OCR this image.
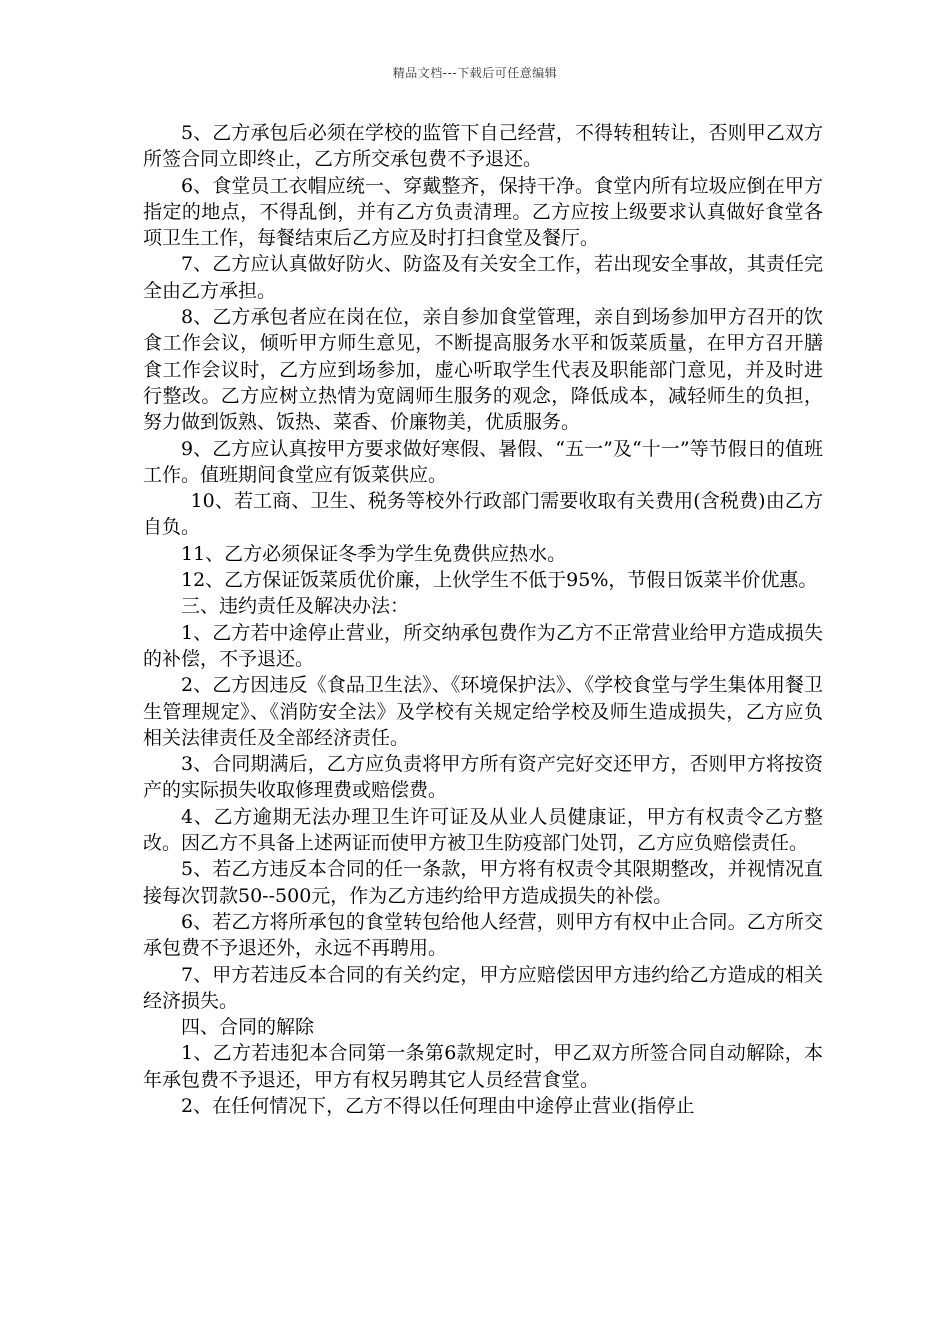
精品文档---下载后可任意编辑

5、乙方承包后必须在学校的监管下自己经营，不得转租转让，否则甲乙双方所签合同立即终止，乙方所交承包费不予退还。

6、食堂员工衣帽应统一、穿戴整齐，保持干净。食堂内所有垃圾应倒在甲方指定的地点，不得乱倒，并有乙方负责清理。乙方应按上级要求认真做好食堂各项卫生工作，每餐结束后乙方应及时打扫食堂及餐厅。

7、乙方应认真做好防火、防盗及有关安全工作，若出现安全事故，其责任完全由乙方承担。

8、乙方承包者应在岗在位，亲自参加食堂管理，亲自到场参加甲方召开的饮食工作会议，倾听甲方师生意见，不断提高服务水平和饭菜质量，在甲方召开膳食工作会议时，乙方应到场参加，虚心听取学生代表及职能部门意见，并及时进行整改。乙方应树立热情为宽阔师生服务的观念，降低成本，减轻师生的负担，努力做到饭熟、饭热、菜香、价廉物美，优质服务。

9、乙方应认真按甲方要求做好寒假、暑假、“五一”及“十一”等节假日的值班工作。值班期间食堂应有饭菜供应。

10、若工商、卫生、税务等校外行政部门需要收取有关费用(含税费)由乙方自负。

11、乙方必须保证冬季为学生免费供应热水。

12、乙方保证饭菜质优价廉，上伙学生不低于95%，节假日饭菜半价优惠。

三、违约责任及解决办法：

1、乙方若中途停止营业，所交纳承包费作为乙方不正常营业给甲方造成损失的补偿，不予退还。

2、乙方因违反《食品卫生法》、《环境保护法》、《学校食堂与学生集体用餐卫生管理规定》、《消防安全法》及学校有关规定给学校及师生造成损失，乙方应负相关法律责任及全部经济责任。

3、合同期满后，乙方应负责将甲方所有资产完好交还甲方，否则甲方将按资产的实际损失收取修理费或赔偿费。

4、乙方逾期无法办理卫生许可证及从业人员健康证，甲方有权责令乙方整改。因乙方不具备上述两证而使甲方被卫生防疫部门处罚，乙方应负赔偿责任。

5、若乙方违反本合同的任一条款，甲方将有权责令其限期整改，并视情况直接每次罚款50--500元，作为乙方违约给甲方造成损失的补偿。

6、若乙方将所承包的食堂转包给他人经营，则甲方有权中止合同。乙方所交承包费不予退还外，永远不再聘用。

7、甲方若违反本合同的有关约定，甲方应赔偿因甲方违约给乙方造成的相关经济损失。

四、合同的解除

1、乙方若违犯本合同第一条第6款规定时，甲乙双方所签合同自动解除，本年承包费不予退还，甲方有权另聘其它人员经营食堂。

2、在任何情况下，乙方不得以任何理由中途停止营业(指停止
